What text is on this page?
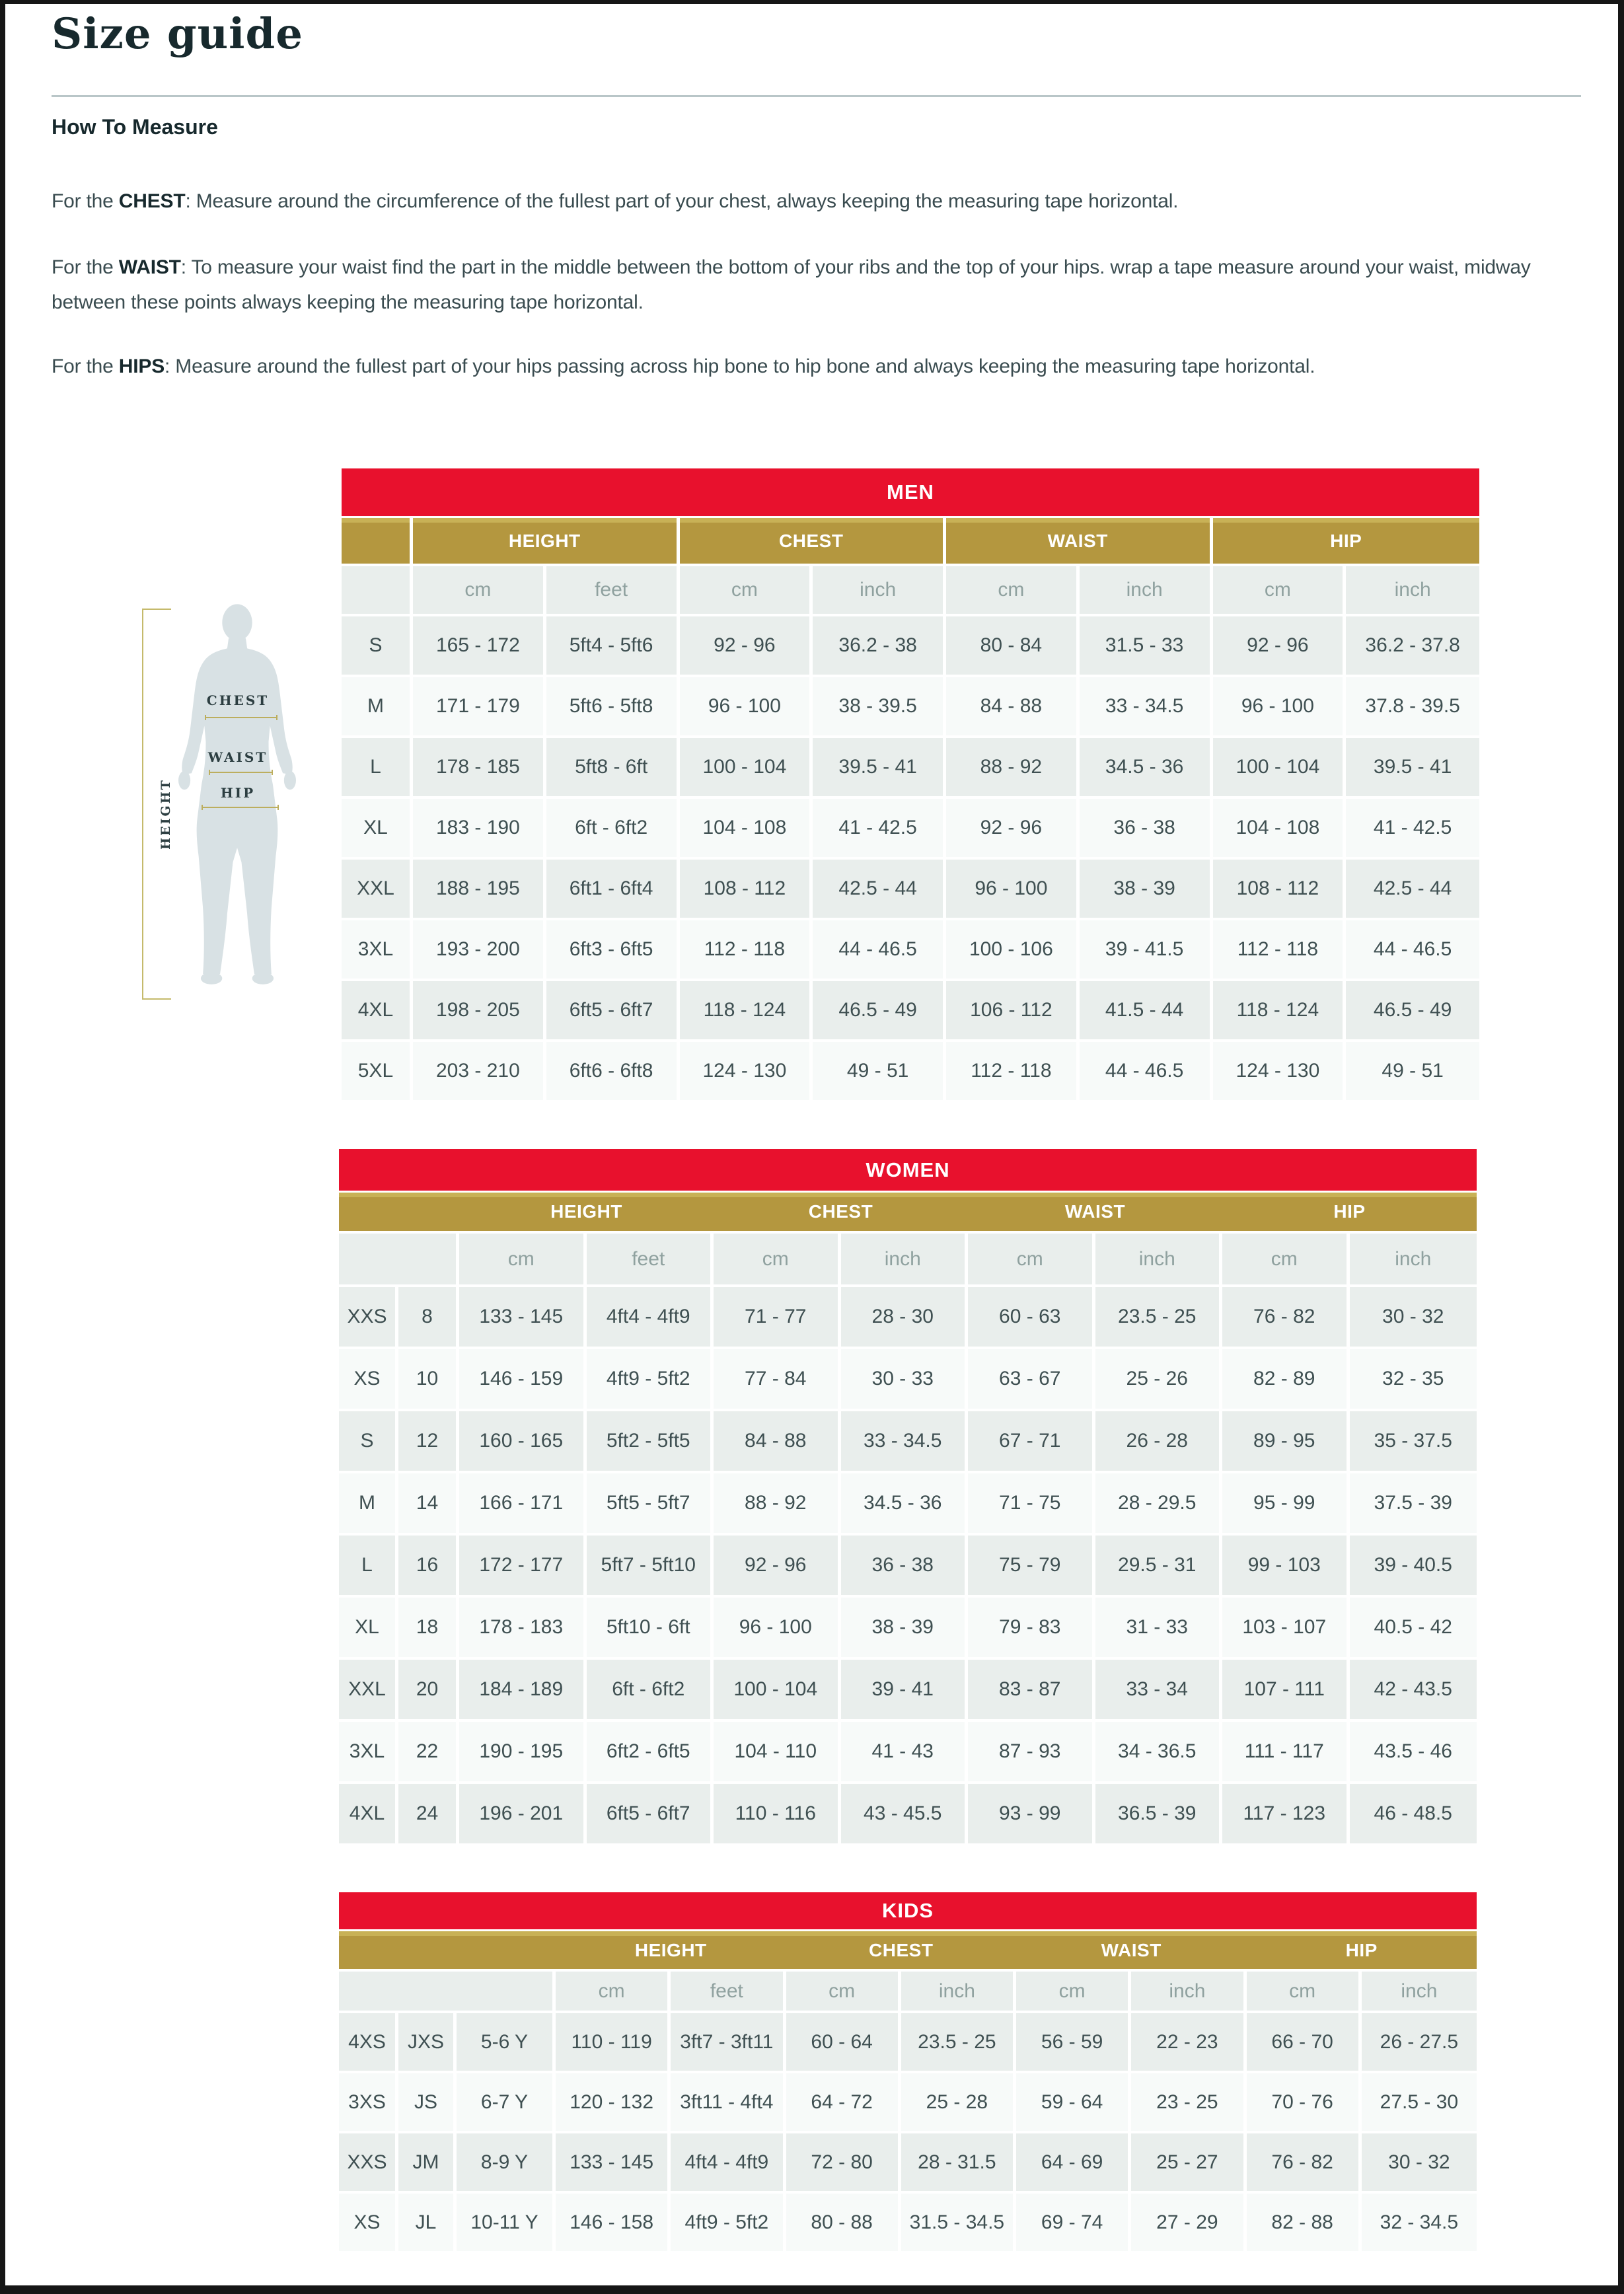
Size guide
How To Measure

For the CHEST: Measure around the circumference of the fullest part of your chest, always keeping the measuring tape horizontal.

For the WAIST: To measure your waist find the part in the middle between the bottom of your ribs and the top of your hips. wrap a tape measure around your waist, midway between these points always keeping the measuring tape horizontal.

For the HIPS: Measure around the fullest part of your hips passing across hip bone to hip bone and always keeping the measuring tape horizontal.

HEIGHT
CHEST
WAIST
HIP
MEN
	HEIGHT		CHEST		WAIST		HIP	
	cm	feet	cm	inch	cm	inch	cm	inch
S	165 - 172	5ft4 - 5ft6	92 - 96	36.2 - 38	80 - 84	31.5 - 33	92 - 96	36.2 - 37.8
M	171 - 179	5ft6 - 5ft8	96 - 100	38 - 39.5	84 - 88	33 - 34.5	96 - 100	37.8 - 39.5
L	178 - 185	5ft8 - 6ft	100 - 104	39.5 - 41	88 - 92	34.5 - 36	100 - 104	39.5 - 41
XL	183 - 190	6ft - 6ft2	104 - 108	41 - 42.5	92 - 96	36 - 38	104 - 108	41 - 42.5
XXL	188 - 195	6ft1 - 6ft4	108 - 112	42.5 - 44	96 - 100	38 - 39	108 - 112	42.5 - 44
3XL	193 - 200	6ft3 - 6ft5	112 - 118	44 - 46.5	100 - 106	39 - 41.5	112 - 118	44 - 46.5
4XL	198 - 205	6ft5 - 6ft7	118 - 124	46.5 - 49	106 - 112	41.5 - 44	118 - 124	46.5 - 49
5XL	203 - 210	6ft6 - 6ft8	124 - 130	49 - 51	112 - 118	44 - 46.5	124 - 130	49 - 51
WOMEN
		HEIGHT		CHEST		WAIST		HIP	
		cm	feet	cm	inch	cm	inch	cm	inch
XXS	8	133 - 145	4ft4 - 4ft9	71 - 77	28 - 30	60 - 63	23.5 - 25	76 - 82	30 - 32
XS	10	146 - 159	4ft9 - 5ft2	77 - 84	30 - 33	63 - 67	25 - 26	82 - 89	32 - 35
S	12	160 - 165	5ft2 - 5ft5	84 - 88	33 - 34.5	67 - 71	26 - 28	89 - 95	35 - 37.5
M	14	166 - 171	5ft5 - 5ft7	88 - 92	34.5 - 36	71 - 75	28 - 29.5	95 - 99	37.5 - 39
L	16	172 - 177	5ft7 - 5ft10	92 - 96	36 - 38	75 - 79	29.5 - 31	99 - 103	39 - 40.5
XL	18	178 - 183	5ft10 - 6ft	96 - 100	38 - 39	79 - 83	31 - 33	103 - 107	40.5 - 42
XXL	20	184 - 189	6ft - 6ft2	100 - 104	39 - 41	83 - 87	33 - 34	107 - 111	42 - 43.5
3XL	22	190 - 195	6ft2 - 6ft5	104 - 110	41 - 43	87 - 93	34 - 36.5	111 - 117	43.5 - 46
4XL	24	196 - 201	6ft5 - 6ft7	110 - 116	43 - 45.5	93 - 99	36.5 - 39	117 - 123	46 - 48.5
KIDS
			HEIGHT		CHEST		WAIST		HIP	
			cm	feet	cm	inch	cm	inch	cm	inch
4XS	JXS	5-6 Y	110 - 119	3ft7 - 3ft11	60 - 64	23.5 - 25	56 - 59	22 - 23	66 - 70	26 - 27.5
3XS	JS	6-7 Y	120 - 132	3ft11 - 4ft4	64 - 72	25 - 28	59 - 64	23 - 25	70 - 76	27.5 - 30
XXS	JM	8-9 Y	133 - 145	4ft4 - 4ft9	72 - 80	28 - 31.5	64 - 69	25 - 27	76 - 82	30 - 32
XS	JL	10-11 Y	146 - 158	4ft9 - 5ft2	80 - 88	31.5 - 34.5	69 - 74	27 - 29	82 - 88	32 - 34.5
